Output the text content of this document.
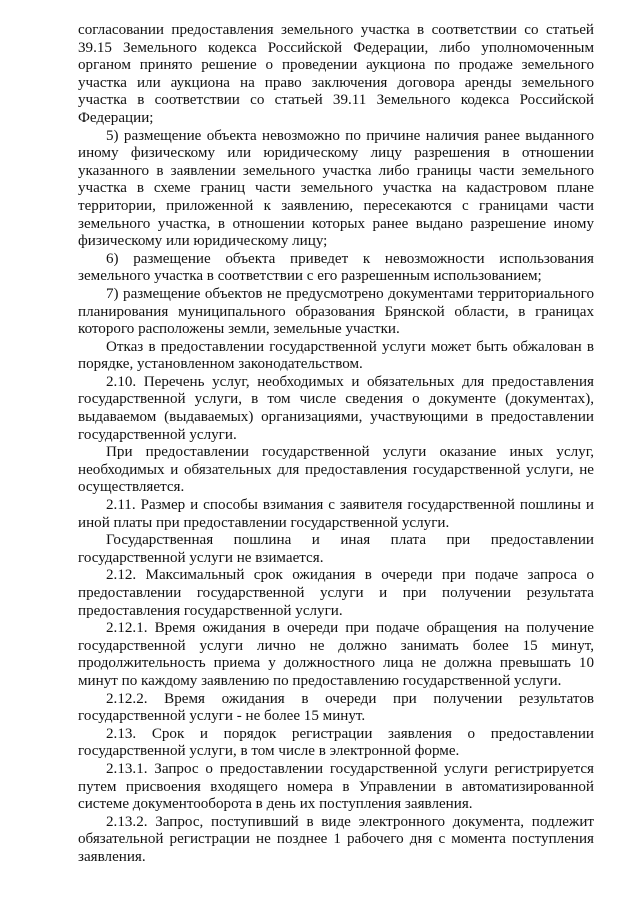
согласовании предоставления земельного участка в соответствии со статьей 39.15 Земельного кодекса Российской Федерации, либо уполномоченным органом принято решение о проведении аукциона по продаже земельного участка или аукциона на право заключения договора аренды земельного участка в соответствии со статьей 39.11 Земельного кодекса Российской Федерации;

5) размещение объекта невозможно по причине наличия ранее выданного иному физическому или юридическому лицу разрешения в отношении указанного в заявлении земельного участка либо границы части земельного участка в схеме границ части земельного участка на кадастровом плане территории, приложенной к заявлению, пересекаются с границами части земельного участка, в отношении которых ранее выдано разрешение иному физическому или юридическому лицу;

6) размещение объекта приведет к невозможности использования земельного участка в соответствии с его разрешенным использованием;

7) размещение объектов не предусмотрено документами территориального планирования муниципального образования Брянской области, в границах которого расположены земли, земельные участки.

Отказ в предоставлении государственной услуги может быть обжалован в порядке, установленном законодательством.

2.10. Перечень услуг, необходимых и обязательных для предоставления государственной услуги, в том числе сведения о документе (документах), выдаваемом (выдаваемых) организациями, участвующими в предоставлении государственной услуги.

При предоставлении государственной услуги оказание иных услуг, необходимых и обязательных для предоставления государственной услуги, не осуществляется.

2.11. Размер и способы взимания с заявителя государственной пошлины и иной платы при предоставлении государственной услуги.

Государственная пошлина и иная плата при предоставлении государственной услуги не взимается.

2.12. Максимальный срок ожидания в очереди при подаче запроса о предоставлении государственной услуги и при получении результата предоставления государственной услуги.

2.12.1. Время ожидания в очереди при подаче обращения на получение государственной услуги лично не должно занимать более 15 минут, продолжительность приема у должностного лица не должна превышать 10 минут по каждому заявлению по предоставлению государственной услуги.

2.12.2. Время ожидания в очереди при получении результатов государственной услуги - не более 15 минут.

2.13. Срок и порядок регистрации заявления о предоставлении государственной услуги, в том числе в электронной форме.

2.13.1. Запрос о предоставлении государственной услуги регистрируется путем присвоения входящего номера в Управлении в автоматизированной системе документооборота в день их поступления заявления.

2.13.2. Запрос, поступивший в виде электронного документа, подлежит обязательной регистрации не позднее 1 рабочего дня с момента поступления заявления.
